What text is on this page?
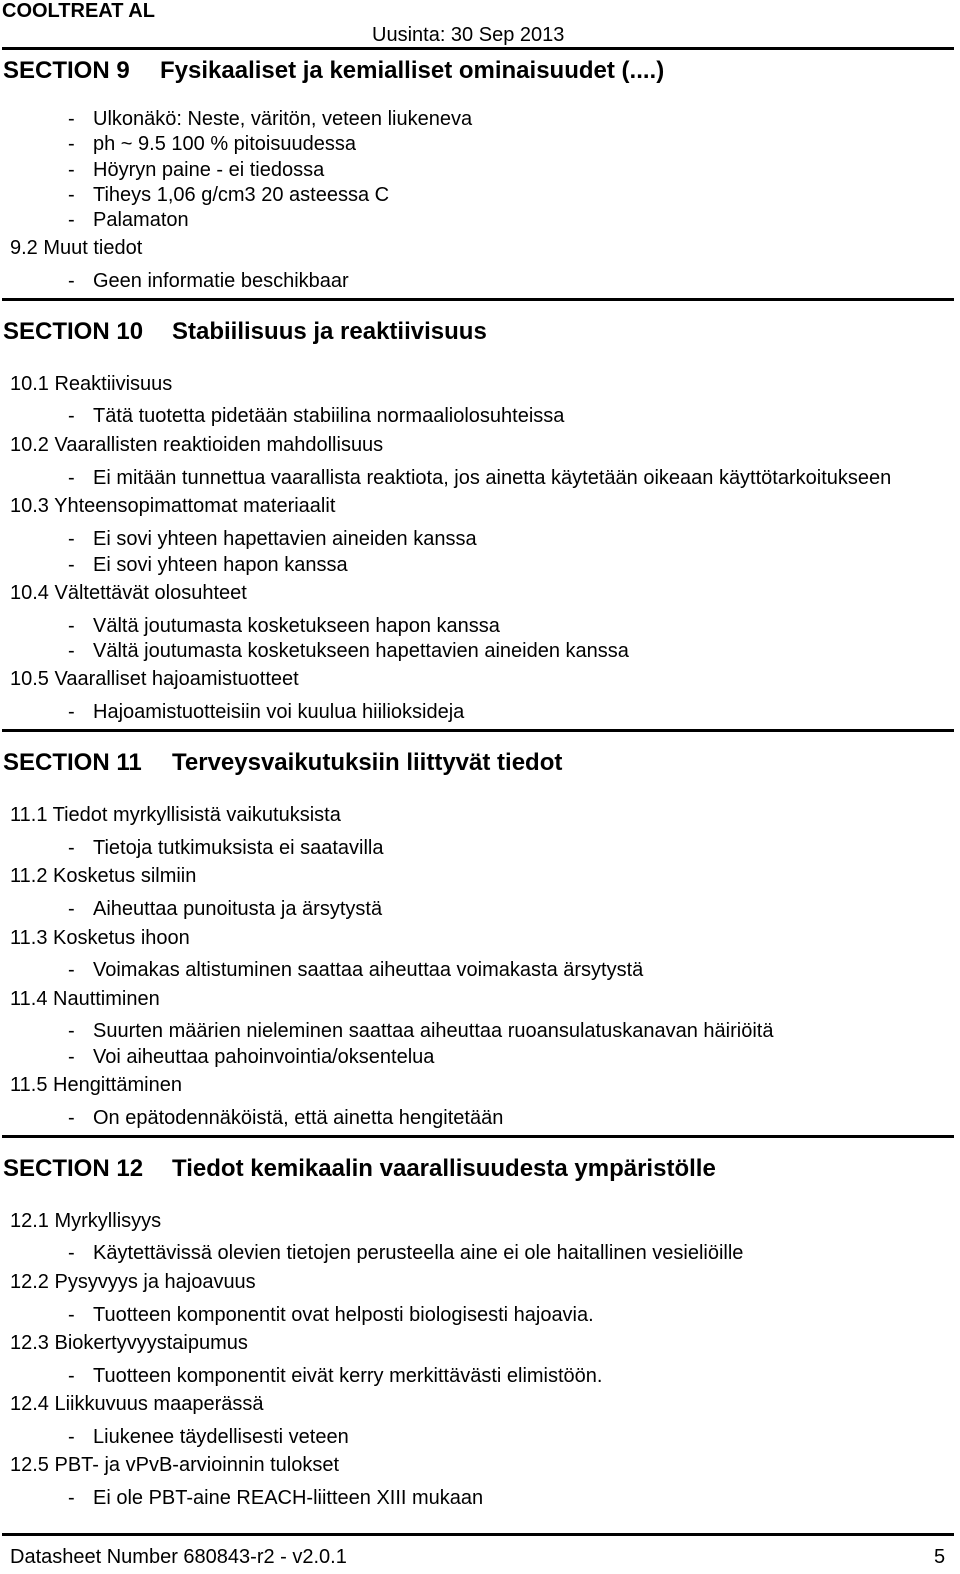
COOLTREAT AL
Uusinta: 30 Sep 2013
SECTION 9 Fysikaaliset ja kemialliset ominaisuudet (....)
- Ulkonäkö: Neste, väritön, veteen liukeneva
- ph ~ 9.5 100 % pitoisuudessa
- Höyryn paine - ei tiedossa
- Tiheys 1,06 g/cm3 20 asteessa C
- Palamaton
9.2 Muut tiedot
- Geen informatie beschikbaar
SECTION 10 Stabiilisuus ja reaktiivisuus
10.1 Reaktiivisuus
- Tätä tuotetta pidetään stabiilina normaaliolosuhteissa
10.2 Vaarallisten reaktioiden mahdollisuus
- Ei mitään tunnettua vaarallista reaktiota, jos ainetta käytetään oikeaan käyttötarkoitukseen
10.3 Yhteensopimattomat materiaalit
- Ei sovi yhteen hapettavien aineiden kanssa
- Ei sovi yhteen hapon kanssa
10.4 Vältettävät olosuhteet
- Vältä joutumasta kosketukseen hapon kanssa
- Vältä joutumasta kosketukseen hapettavien aineiden kanssa
10.5 Vaaralliset hajoamistuotteet
- Hajoamistuotteisiin voi kuulua hiilioksideja
SECTION 11 Terveysvaikutuksiin liittyvät tiedot
11.1 Tiedot myrkyllisistä vaikutuksista
- Tietoja tutkimuksista ei saatavilla
11.2 Kosketus silmiin
- Aiheuttaa punoitusta ja ärsytystä
11.3 Kosketus ihoon
- Voimakas altistuminen saattaa aiheuttaa voimakasta ärsytystä
11.4 Nauttiminen
- Suurten määrien nieleminen saattaa aiheuttaa ruoansulatuskanavan häiriöitä
- Voi aiheuttaa pahoinvointia/oksentelua
11.5 Hengittäminen
- On epätodennäköistä, että ainetta hengitetään
SECTION 12 Tiedot kemikaalin vaarallisuudesta ympäristölle
12.1 Myrkyllisyys
- Käytettävissä olevien tietojen perusteella aine ei ole haitallinen vesieliöille
12.2 Pysyvyys ja hajoavuus
- Tuotteen komponentit ovat helposti biologisesti hajoavia.
12.3 Biokertyvyystaipumus
- Tuotteen komponentit eivät kerry merkittävästi elimistöön.
12.4 Liikkuvuus maaperässä
- Liukenee täydellisesti veteen
12.5 PBT- ja vPvB-arvioinnin tulokset
- Ei ole PBT-aine REACH-liitteen XIII mukaan
Datasheet Number 680843-r2 - v2.0.1	5
